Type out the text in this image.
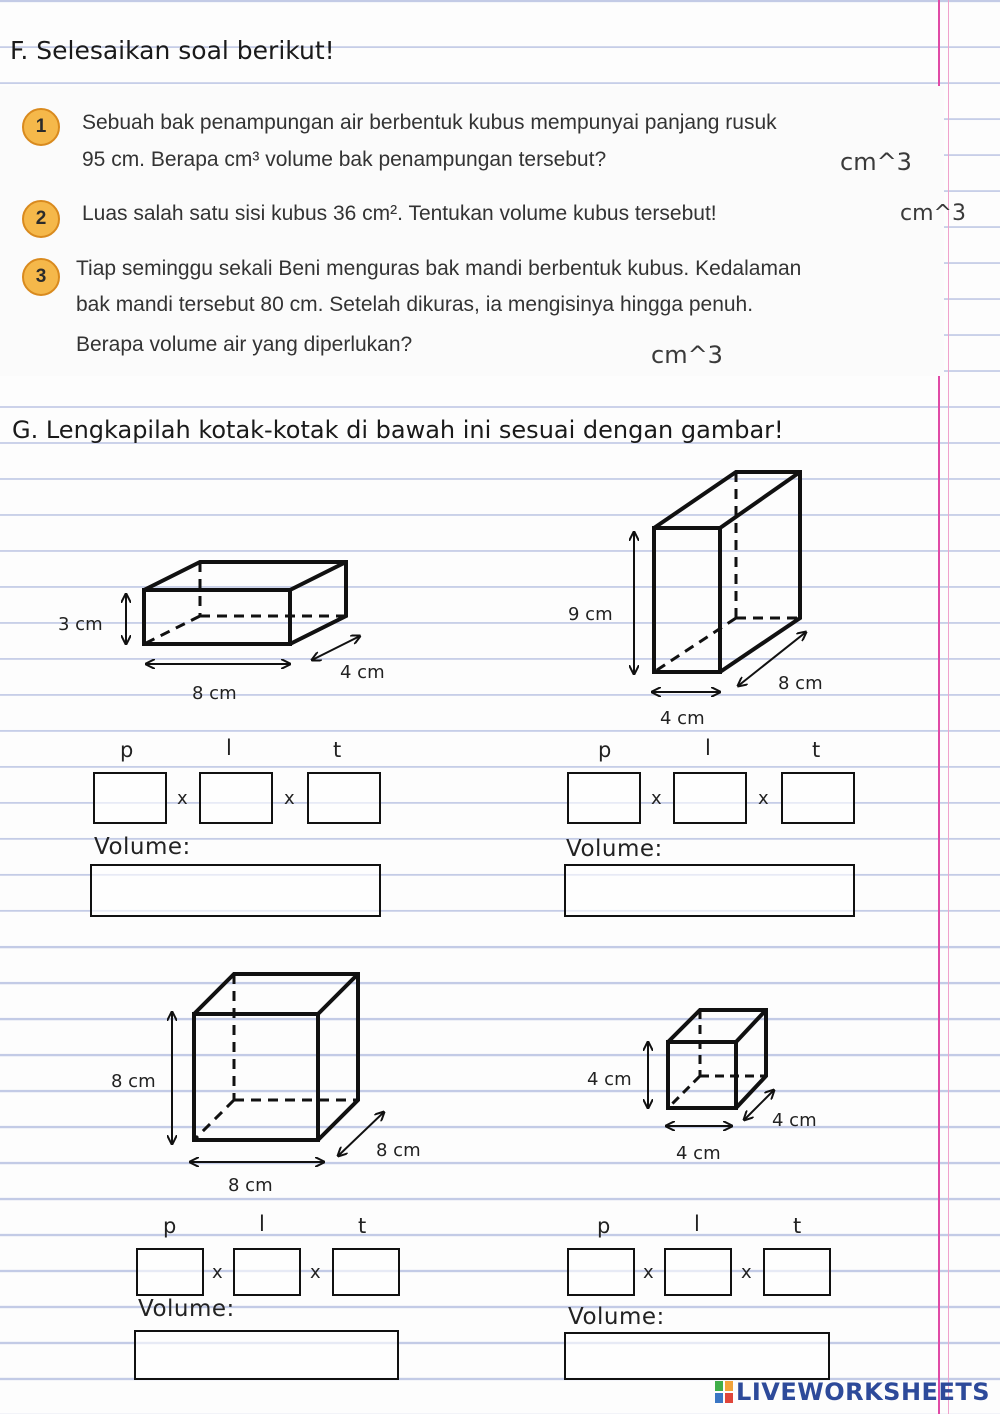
F. Selesaikan soal berikut!
1	Sebuah bak penampungan air berbentuk kubus mempunyai panjang rusuk
95 cm. Berapa cm³ volume bak penampungan tersebut?	cm^3
2	Luas salah satu sisi kubus 36 cm². Tentukan volume kubus tersebut!	cm^3
3	Tiap seminggu sekali Beni menguras bak mandi berbentuk kubus. Kedalaman
bak mandi tersebut 80 cm. Setelah dikuras, ia mengisinya hingga penuh.
Berapa volume air yang diperlukan?	cm^3
G. Lengkapilah kotak-kotak di bawah ini sesuai dengan gambar!
3 cm
4 cm
8 cm
9 cm
8 cm
4 cm
8 cm
8 cm
8 cm
4 cm
4 cm
4 cm
p	l	t
x	x
Volume:
p	l	t
x	x
Volume:
p	l	t
x	x
Volume:
p	l	t
x	x
Volume:
LIVEWORKSHEETS
